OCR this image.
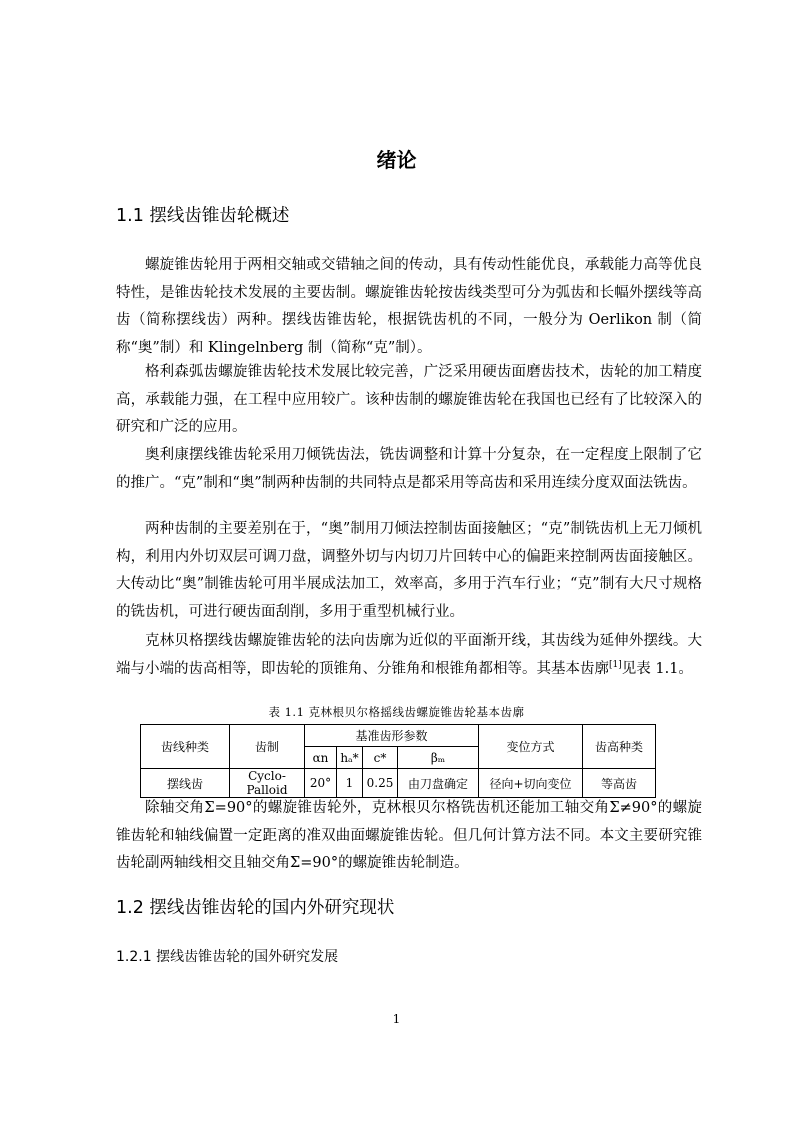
绪论
1.1 摆线齿锥齿轮概述

螺旋锥齿轮用于两相交轴或交错轴之间的传动，具有传动性能优良，承载能力高等优良特性，是锥齿轮技术发展的主要齿制。螺旋锥齿轮按齿线类型可分为弧齿和长幅外摆线等高齿（简称摆线齿）两种。摆线齿锥齿轮，根据铣齿机的不同，一般分为 Oerlikon 制（简称“奥”制）和 Klingelnberg 制（简称“克”制）。

格利森弧齿螺旋锥齿轮技术发展比较完善，广泛采用硬齿面磨齿技术，齿轮的加工精度高，承载能力强，在工程中应用较广。该种齿制的螺旋锥齿轮在我国也已经有了比较深入的研究和广泛的应用。

奥利康摆线锥齿轮采用刀倾铣齿法，铣齿调整和计算十分复杂，在一定程度上限制了它的推广。“克”制和“奥”制两种齿制的共同特点是都采用等高齿和采用连续分度双面法铣齿。

两种齿制的主要差别在于，“奥”制用刀倾法控制齿面接触区；“克”制铣齿机上无刀倾机构，利用内外切双层可调刀盘，调整外切与内切刀片回转中心的偏距来控制两齿面接触区。大传动比“奥”制锥齿轮可用半展成法加工，效率高，多用于汽车行业；“克”制有大尺寸规格的铣齿机，可进行硬齿面刮削，多用于重型机械行业。

克林贝格摆线齿螺旋锥齿轮的法向齿廓为近似的平面渐开线，其齿线为延伸外摆线。大端与小端的齿高相等，即齿轮的顶锥角、分锥角和根锥角都相等。其基本齿廓[1]见表 1.1。

表 1.1 克林根贝尔格摇线齿螺旋锥齿轮基本齿廓
齿线种类	齿制	基准齿形参数				变位方式	齿高种类
		αn	hₐ*	c*	βₘ		
摆线齿	Cyclo-Palloid	20°	1	0.25	由刀盘确定	径向+切向变位	等高齿

除轴交角Σ=90°的螺旋锥齿轮外，克林根贝尔格铣齿机还能加工轴交角Σ≠90°的螺旋锥齿轮和轴线偏置一定距离的准双曲面螺旋锥齿轮。但几何计算方法不同。本文主要研究锥齿轮副两轴线相交且轴交角Σ=90°的螺旋锥齿轮制造。

1.2 摆线齿锥齿轮的国内外研究现状
1.2.1 摆线齿锥齿轮的国外研究发展
1
